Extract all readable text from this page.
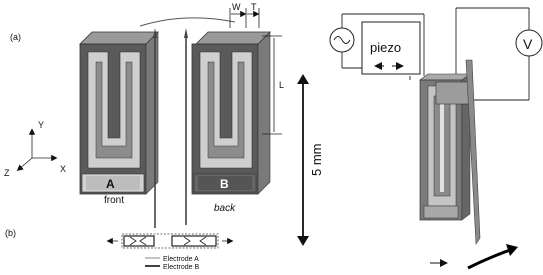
(a)
A
front
B
back
W T
L
5 mm
Y
X
Z
(b)
Electrode A
Electrode B
piezo	V
